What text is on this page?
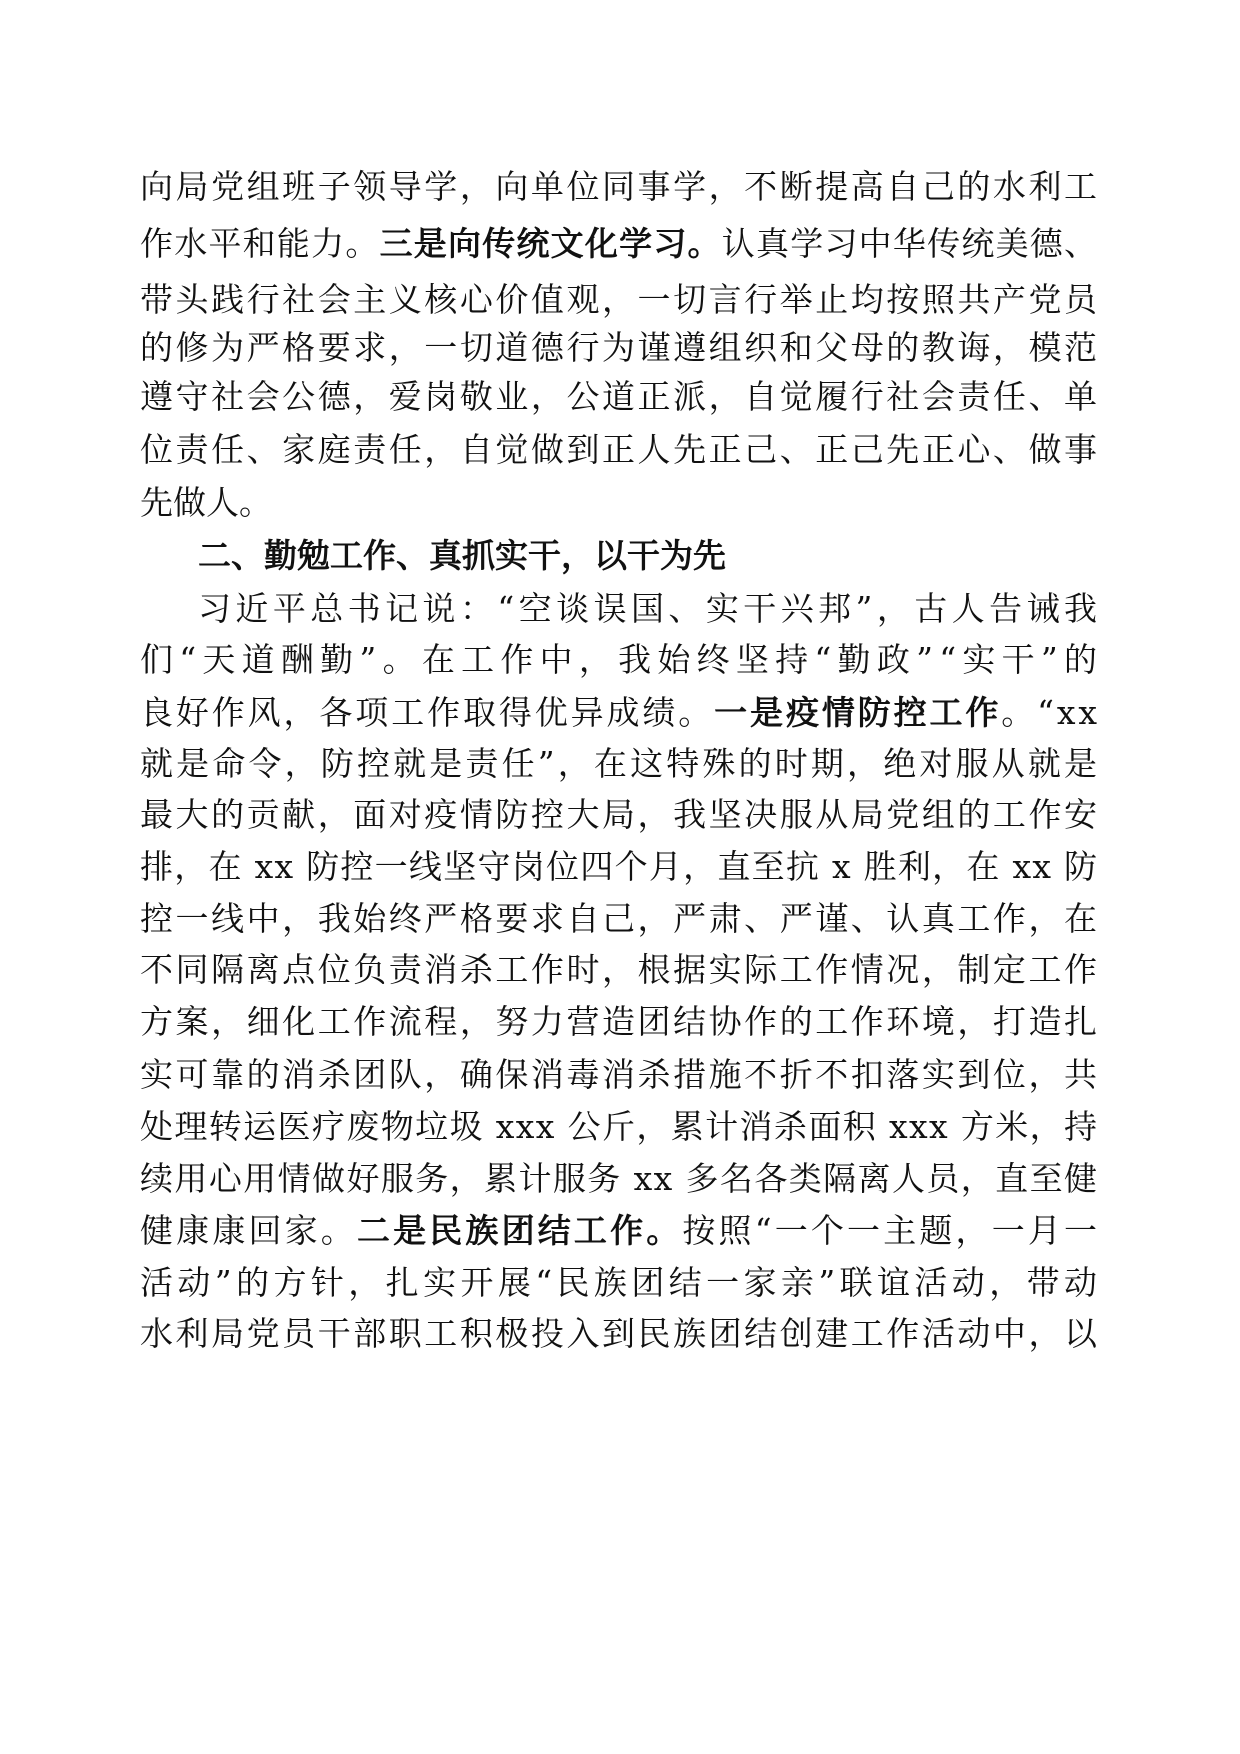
向局党组班子领导学，向单位同事学，不断提高自己的水利工
作水平和能力。三是向传统文化学习。认真学习中华传统美德、
带头践行社会主义核心价值观，一切言行举止均按照共产党员
的修为严格要求，一切道德行为谨遵组织和父母的教诲，模范
遵守社会公德，爱岗敬业，公道正派，自觉履行社会责任、单
位责任、家庭责任，自觉做到正人先正己、正己先正心、做事
先做人。
二、勤勉工作、真抓实干，以干为先
习近平总书记说：“空谈误国、实干兴邦”，古人告诫我
们“天道酬勤”。在工作中，我始终坚持“勤政”“实干”的
良好作风，各项工作取得优异成绩。一是疫情防控工作。“xx
就是命令，防控就是责任”，在这特殊的时期，绝对服从就是
最大的贡献，面对疫情防控大局，我坚决服从局党组的工作安
排，在 xx 防控一线坚守岗位四个月，直至抗 x 胜利，在 xx 防
控一线中，我始终严格要求自己，严肃、严谨、认真工作，在
不同隔离点位负责消杀工作时，根据实际工作情况，制定工作
方案，细化工作流程，努力营造团结协作的工作环境，打造扎
实可靠的消杀团队，确保消毒消杀措施不折不扣落实到位，共
处理转运医疗废物垃圾 xxx 公斤，累计消杀面积 xxx 方米，持
续用心用情做好服务，累计服务 xx 多名各类隔离人员，直至健
健康康回家。二是民族团结工作。按照“一个一主题，一月一
活动”的方针，扎实开展“民族团结一家亲”联谊活动，带动
水利局党员干部职工积极投入到民族团结创建工作活动中，以
